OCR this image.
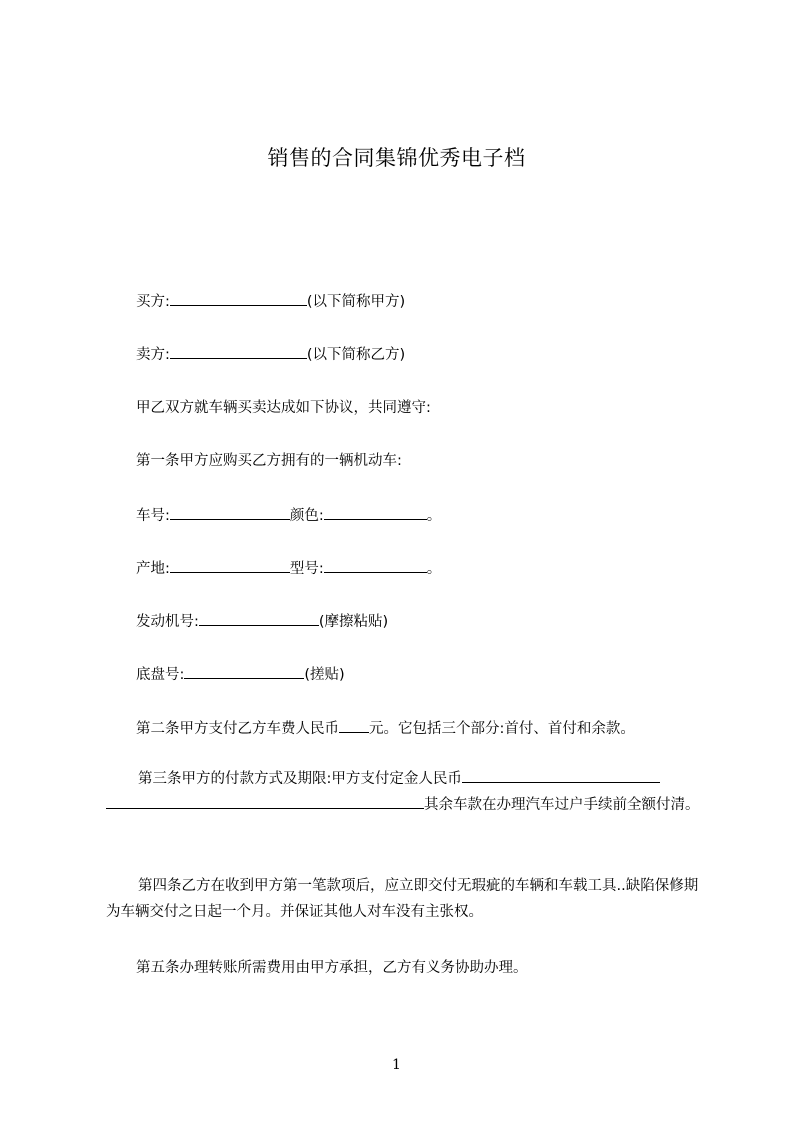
销售的合同集锦优秀电子档
买方:	(以下简称甲方)
卖方:	(以下简称乙方)
甲乙双方就车辆买卖达成如下协议，共同遵守:
第一条甲方应购买乙方拥有的一辆机动车:
车号:	颜色:	。
产地:	型号:	。
发动机号:	(摩擦粘贴)
底盘号:	(搓贴)
第二条甲方支付乙方车费人民币 元。它包括三个部分:首付、首付和余款。
第三条甲方的付款方式及期限:甲方支付定金人民币
其余车款在办理汽车过户手续前全额付清。
第四条乙方在收到甲方第一笔款项后，应立即交付无瑕疵的车辆和车载工具..缺陷保修期为车辆交付之日起一个月。并保证其他人对车没有主张权。
第五条办理转账所需费用由甲方承担，乙方有义务协助办理。
1
